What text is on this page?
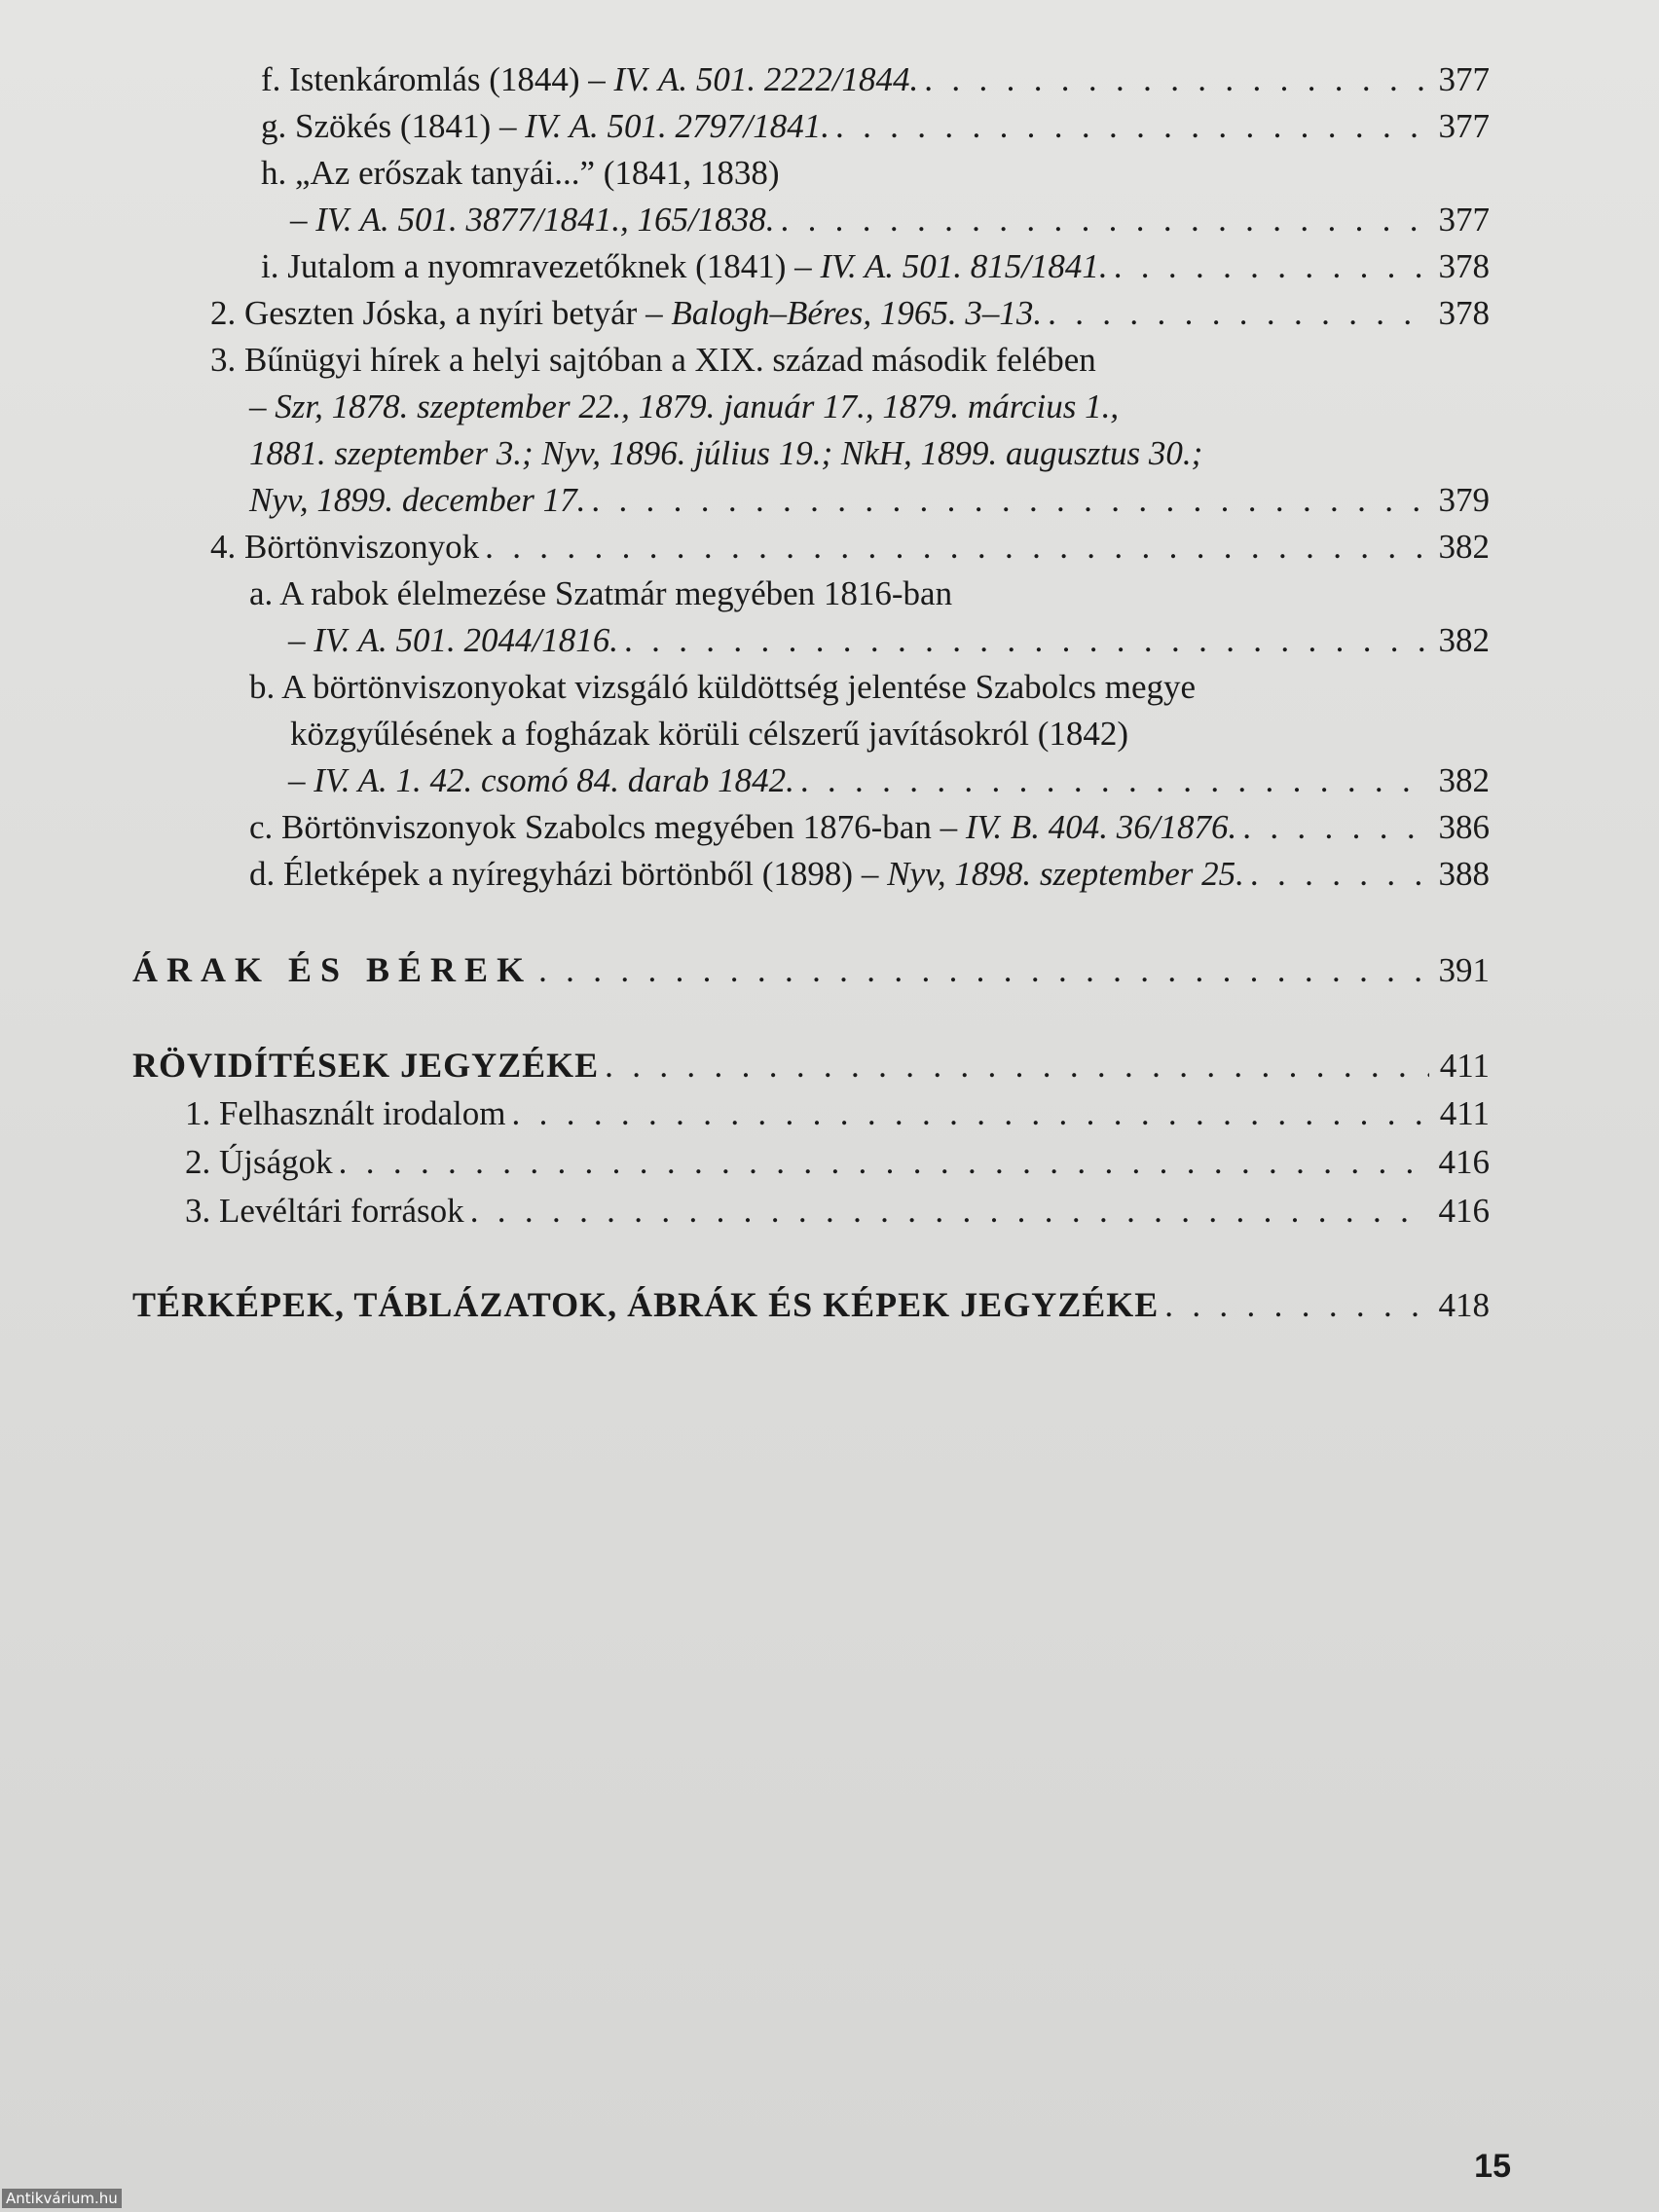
f. Istenkáromlás (1844) – IV. A. 501. 2222/1844. . . .	377
g. Szökés (1841) – IV. A. 501. 2797/1841. . . .	377
h. „Az erőszak tanyái...” (1841, 1838)
– IV. A. 501. 3877/1841., 165/1838. . . .	377
i. Jutalom a nyomravezetőknek (1841) – IV. A. 501. 815/1841. . . .	378
2. Geszten Jóska, a nyíri betyár – Balogh–Béres, 1965. 3–13. . . .	378
3. Bűnügyi hírek a helyi sajtóban a XIX. század második felében
– Szr, 1878. szeptember 22., 1879. január 17., 1879. március 1.,
1881. szeptember 3.; Nyv, 1896. július 19.; NkH, 1899. augusztus 30.;
Nyv, 1899. december 17. . . .	379
4. Börtönviszonyok . . .	382
a. A rabok élelmezése Szatmár megyében 1816-ban
– IV. A. 501. 2044/1816. . . .	382
b. A börtönviszonyokat vizsgáló küldöttség jelentése Szabolcs megye
közgyűlésének a fogházak körüli célszerű javításokról (1842)
– IV. A. 1. 42. csomó 84. darab 1842. . . .	382
c. Börtönviszonyok Szabolcs megyében 1876-ban – IV. B. 404. 36/1876. . . .	386
d. Életképek a nyíregyházi börtönből (1898) – Nyv, 1898. szeptember 25. . . .	388
ÁRAK ÉS BÉREK . . .	391
RÖVIDÍTÉSEK JEGYZÉKE . . .	411
1. Felhasznált irodalom . . .	411
2. Újságok . . .	416
3. Levéltári források . . .	416
TÉRKÉPEK, TÁBLÁZATOK, ÁBRÁK ÉS KÉPEK JEGYZÉKE . . .	418
15
Antikvárium.hu
